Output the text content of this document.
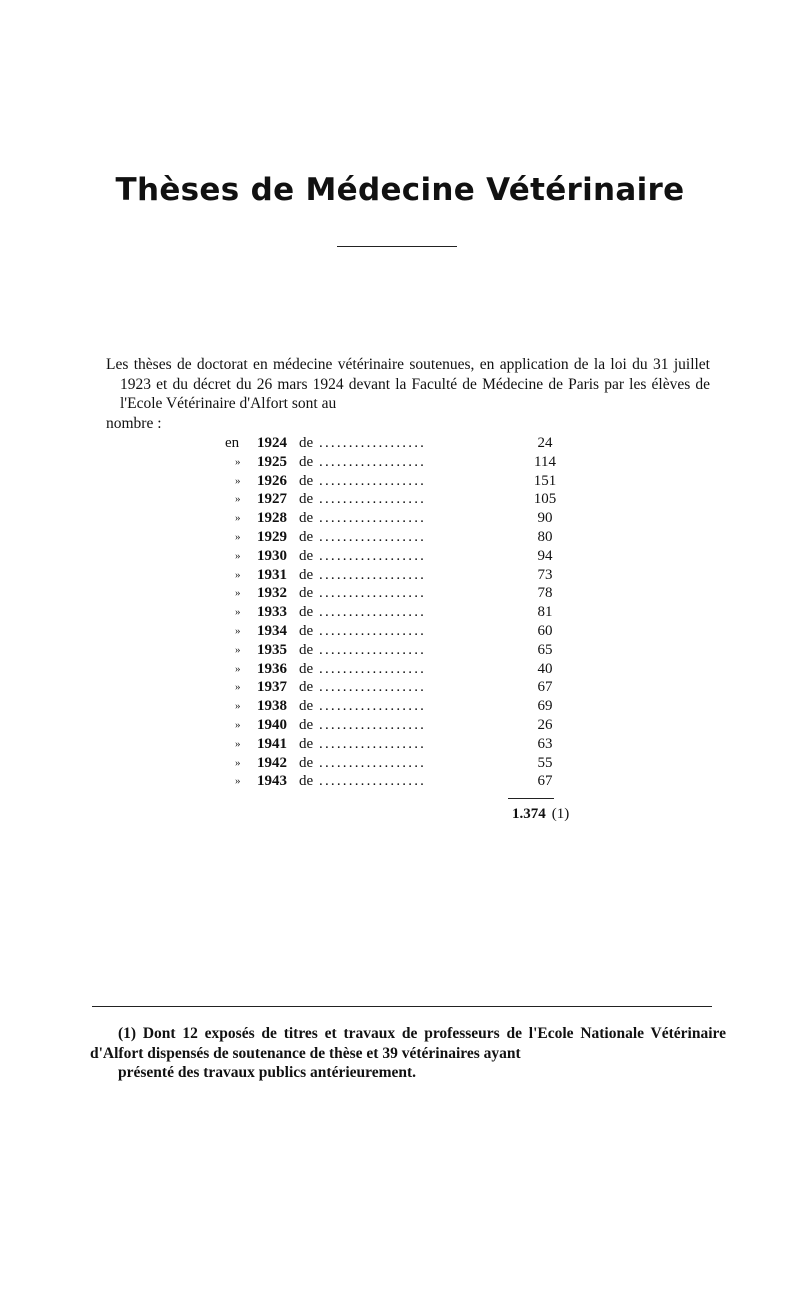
Thèses de Médecine Vétérinaire

Les thèses de doctorat en médecine vétérinaire soutenues, en application de la loi du 31 juillet 1923 et du décret du 26 mars 1924 devant la Faculté de Médecine de Paris par les élèves de l'Ecole Vétérinaire d'Alfort sont au
nombre :

en	1924 de ..................	24
»	1925 de ..................	114
»	1926 de ..................	151
»	1927 de ..................	105
»	1928 de ..................	90
»	1929 de ..................	80
»	1930 de ..................	94
»	1931 de ..................	73
»	1932 de ..................	78
»	1933 de ..................	81
»	1934 de ..................	60
»	1935 de ..................	65
»	1936 de ..................	40
»	1937 de ..................	67
»	1938 de ..................	69
»	1940 de ..................	26
»	1941 de ..................	63
»	1942 de ..................	55
»	1943 de ..................	67
1.374 (1)

(1) Dont 12 exposés de titres et travaux de professeurs de l'Ecole Nationale Vétérinaire d'Alfort dispensés de soutenance de thèse et 39 vétérinaires ayant
présenté des travaux publics antérieurement.
